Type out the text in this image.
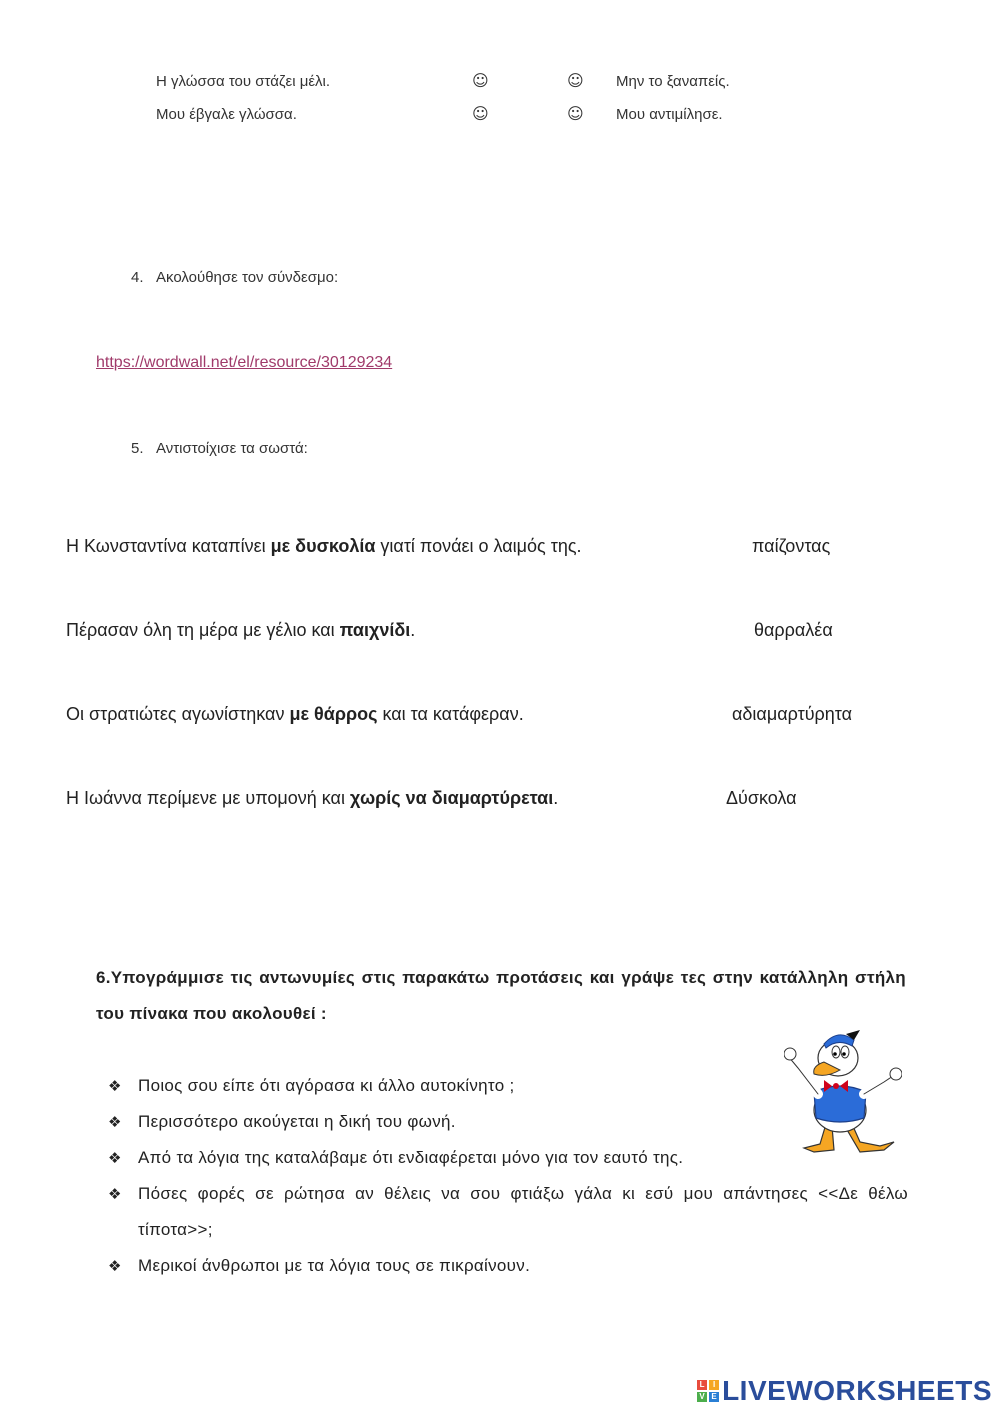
Η γλώσσα του στάζει μέλι.	☺	☺ Μην το ξαναπείς.
Μου έβγαλε γλώσσα.	☺	☺ Μου αντιμίλησε.
4. Ακολούθησε τον σύνδεσμο:
https://wordwall.net/el/resource/30129234
5. Αντιστοίχισε τα σωστά:
Η Κωνσταντίνα καταπίνει με δυσκολία γιατί πονάει ο λαιμός της.	παίζοντας
Πέρασαν όλη τη μέρα με γέλιο και παιχνίδι.	θαρραλέα
Οι στρατιώτες αγωνίστηκαν με θάρρος και τα κατάφεραν.	αδιαμαρτύρητα
Η Ιωάννα περίμενε με υπομονή και χωρίς να διαμαρτύρεται.	Δύσκολα
6.Υπογράμμισε τις αντωνυμίες στις παρακάτω προτάσεις και γράψε τες στην κατάλληλη στήλη του πίνακα που ακολουθεί :
❖ Ποιος σου είπε ότι αγόρασα κι άλλο αυτοκίνητο ;
❖ Περισσότερο ακούγεται η δική του φωνή.
❖ Από τα λόγια της καταλάβαμε ότι ενδιαφέρεται μόνο για τον εαυτό της.
❖ Πόσες φορές σε ρώτησα αν θέλεις να σου φτιάξω γάλα κι εσύ μου απάντησες <<Δε θέλω τίποτα>>;
❖ Μερικοί άνθρωποι με τα λόγια τους σε πικραίνουν.
L	I
V E LIVEWORKSHEETS
